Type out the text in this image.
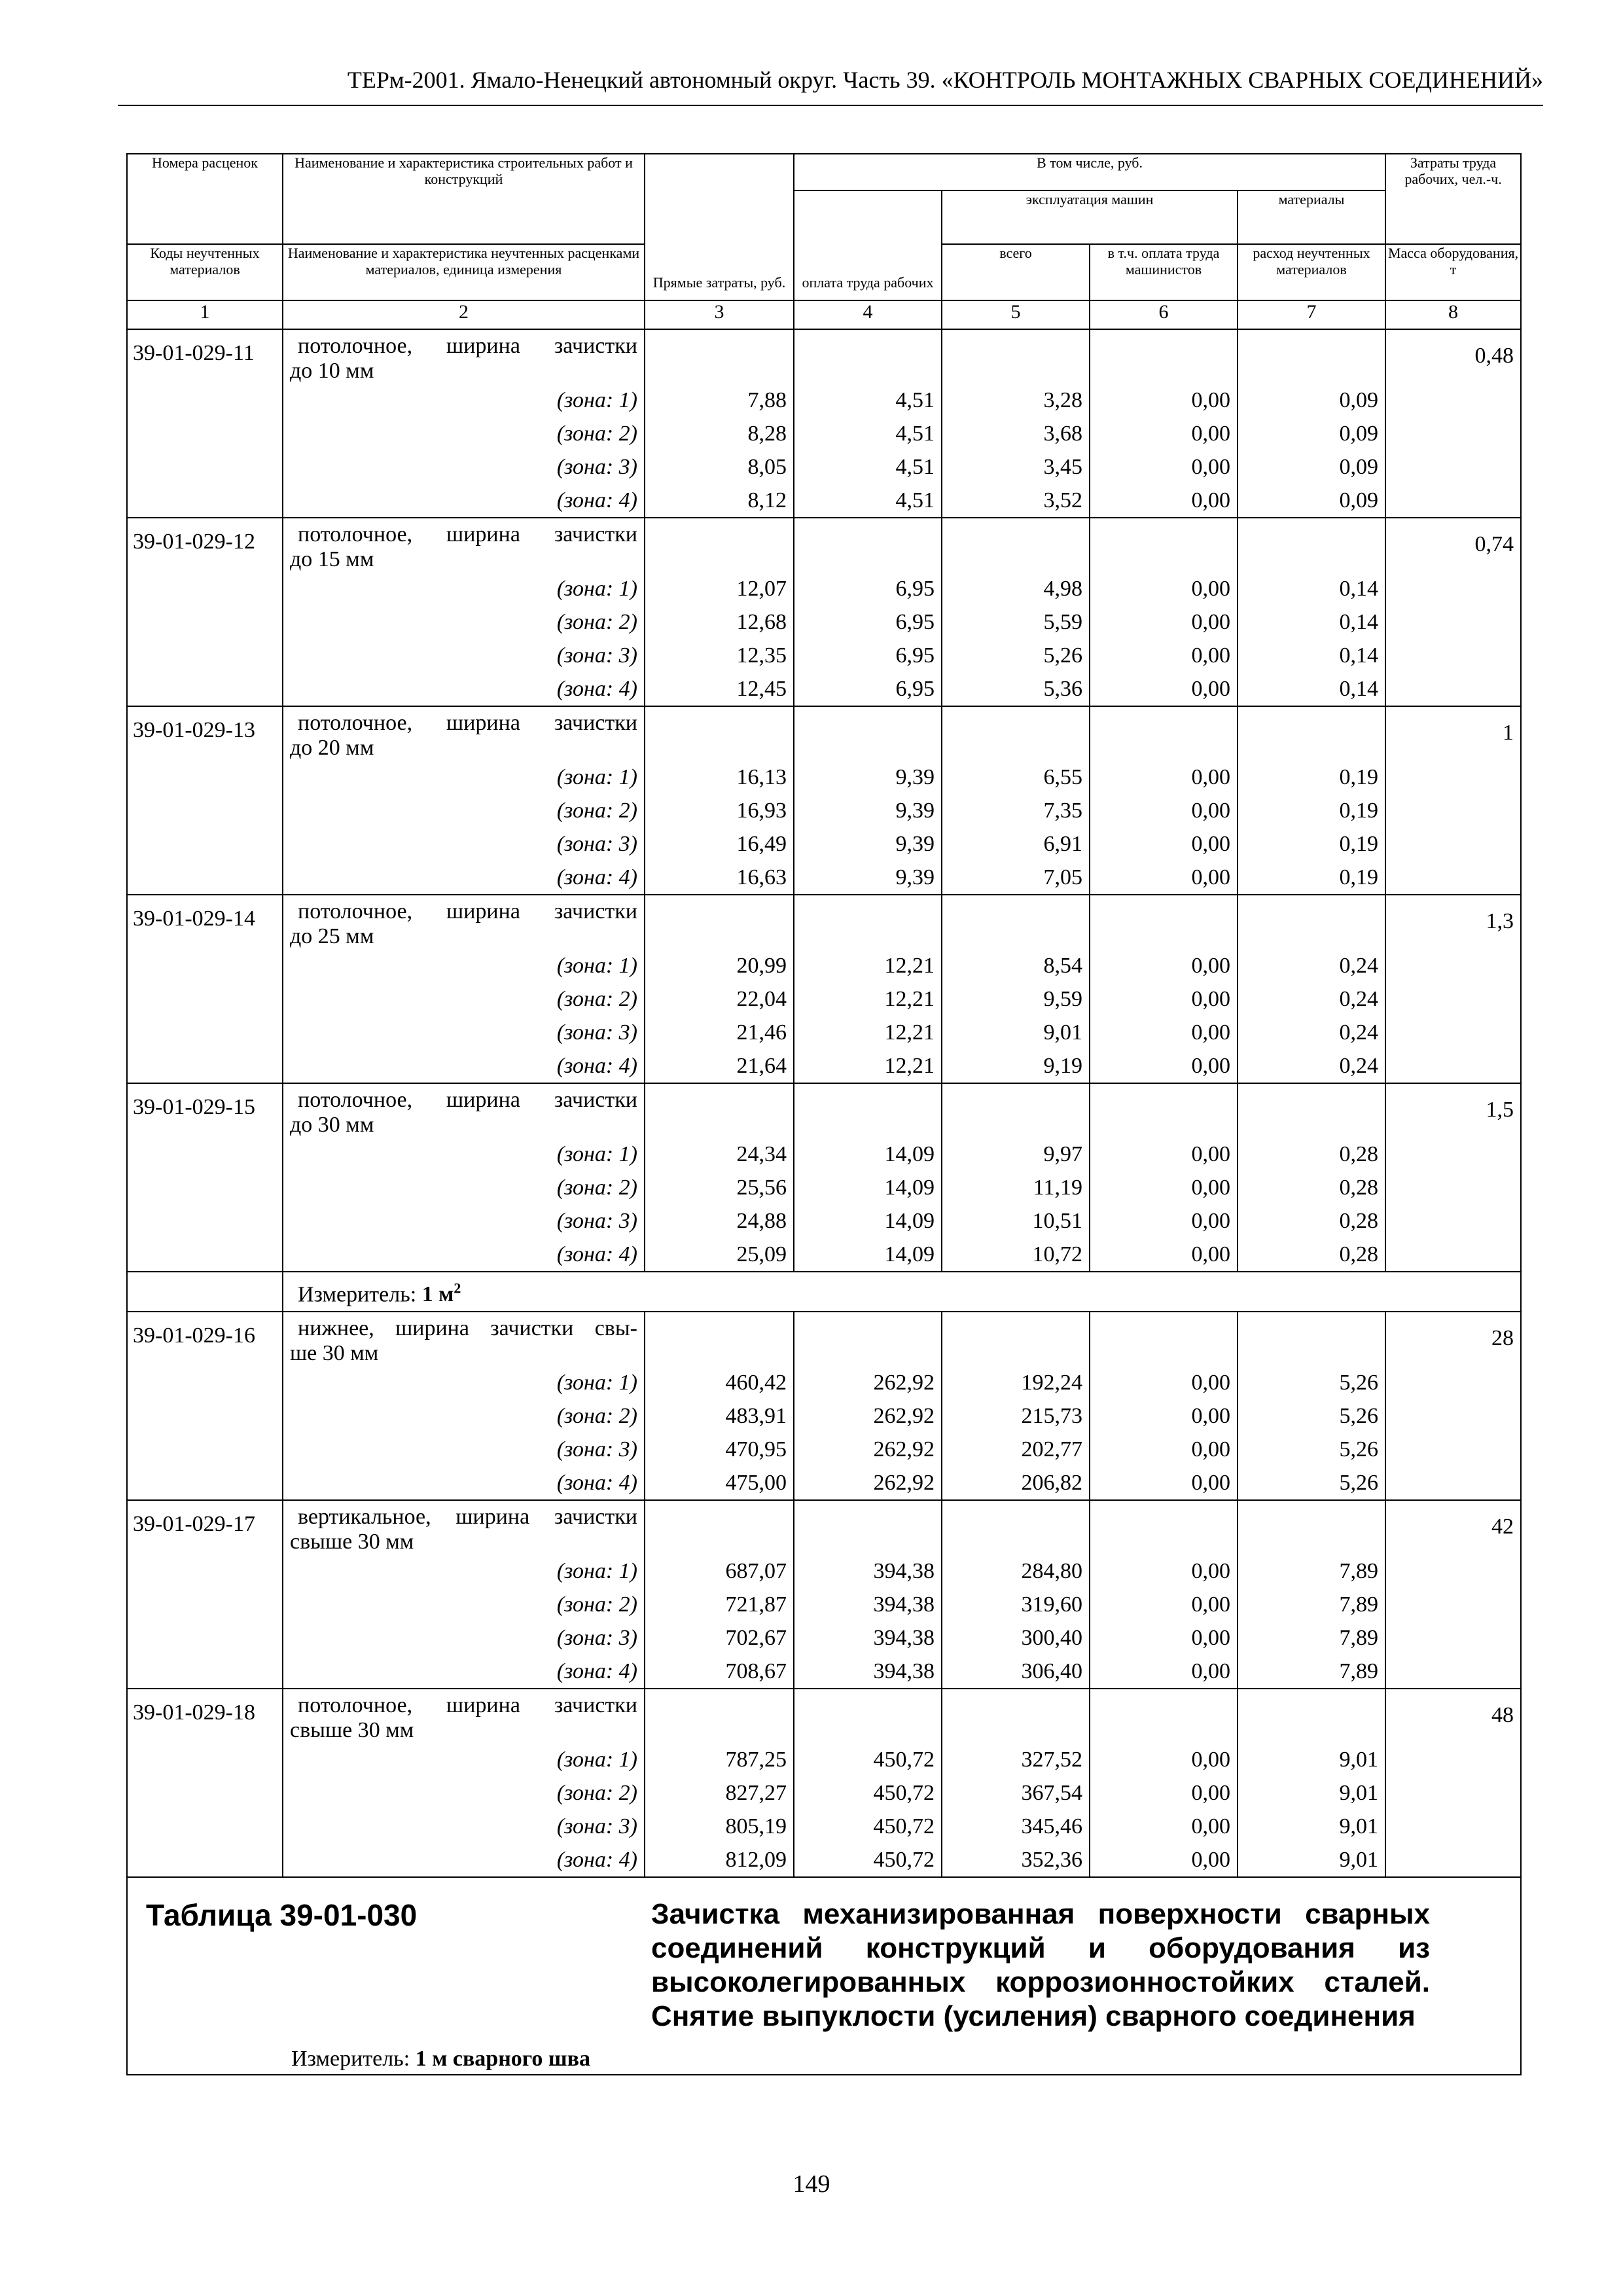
ТЕРм-2001. Ямало-Ненецкий автономный округ. Часть 39. «КОНТРОЛЬ МОНТАЖНЫХ СВАРНЫХ СОЕДИНЕНИЙ»
Номера расценок	Наименование и характеристика строительных работ и конструкций	Прямые затраты, руб.	В том числе, руб.				Затраты труда рабочих, чел.-ч.
			оплата труда рабочих	эксплуатация машин		материалы	

Коды неучтенных материалов	Наименование и характеристика неучтенных расценками материалов, единица измерения			всего	в т.ч. оплата труда машинистов	расход неучтенных материалов	Масса оборудования, т
1	2	3	4	5	6	7	8
39-01-029-11	потолочное, ширина зачистки
до 10 мм						0,48
	(зона: 1)	7,88	4,51	3,28	0,00	0,09	
	(зона: 2)	8,28	4,51	3,68	0,00	0,09	
	(зона: 3)	8,05	4,51	3,45	0,00	0,09	
	(зона: 4)	8,12	4,51	3,52	0,00	0,09	
39-01-029-12	потолочное, ширина зачистки
до 15 мм						0,74
	(зона: 1)	12,07	6,95	4,98	0,00	0,14	
	(зона: 2)	12,68	6,95	5,59	0,00	0,14	
	(зона: 3)	12,35	6,95	5,26	0,00	0,14	
	(зона: 4)	12,45	6,95	5,36	0,00	0,14	
39-01-029-13	потолочное, ширина зачистки
до 20 мм						1
	(зона: 1)	16,13	9,39	6,55	0,00	0,19	
	(зона: 2)	16,93	9,39	7,35	0,00	0,19	
	(зона: 3)	16,49	9,39	6,91	0,00	0,19	
	(зона: 4)	16,63	9,39	7,05	0,00	0,19	
39-01-029-14	потолочное, ширина зачистки
до 25 мм						1,3
	(зона: 1)	20,99	12,21	8,54	0,00	0,24	
	(зона: 2)	22,04	12,21	9,59	0,00	0,24	
	(зона: 3)	21,46	12,21	9,01	0,00	0,24	
	(зона: 4)	21,64	12,21	9,19	0,00	0,24	
39-01-029-15	потолочное, ширина зачистки
до 30 мм						1,5
	(зона: 1)	24,34	14,09	9,97	0,00	0,28	
	(зона: 2)	25,56	14,09	11,19	0,00	0,28	
	(зона: 3)	24,88	14,09	10,51	0,00	0,28	
	(зона: 4)	25,09	14,09	10,72	0,00	0,28	
	Измеритель: 1 $м^2$
39-01-029-16	нижнее, ширина зачистки свы-
ше 30 мм						28
	(зона: 1)	460,42	262,92	192,24	0,00	5,26	
	(зона: 2)	483,91	262,92	215,73	0,00	5,26	
	(зона: 3)	470,95	262,92	202,77	0,00	5,26	
	(зона: 4)	475,00	262,92	206,82	0,00	5,26	
39-01-029-17	вертикальное, ширина зачистки
свыше 30 мм						42
	(зона: 1)	687,07	394,38	284,80	0,00	7,89	
	(зона: 2)	721,87	394,38	319,60	0,00	7,89	
	(зона: 3)	702,67	394,38	300,40	0,00	7,89	
	(зона: 4)	708,67	394,38	306,40	0,00	7,89	
39-01-029-18	потолочное, ширина зачистки
свыше 30 мм						48
	(зона: 1)	787,25	450,72	327,52	0,00	9,01	
	(зона: 2)	827,27	450,72	367,54	0,00	9,01	
	(зона: 3)	805,19	450,72	345,46	0,00	9,01	
	(зона: 4)	812,09	450,72	352,36	0,00	9,01	

Таблица 39-01-030 Зачистка механизированная поверхности сварных соединений конструкций и оборудования из высоколегированных коррозионностойких сталей. Снятие выпуклости (усиления) сварного соединения
Измеритель: 1 м сварного шва							
149
